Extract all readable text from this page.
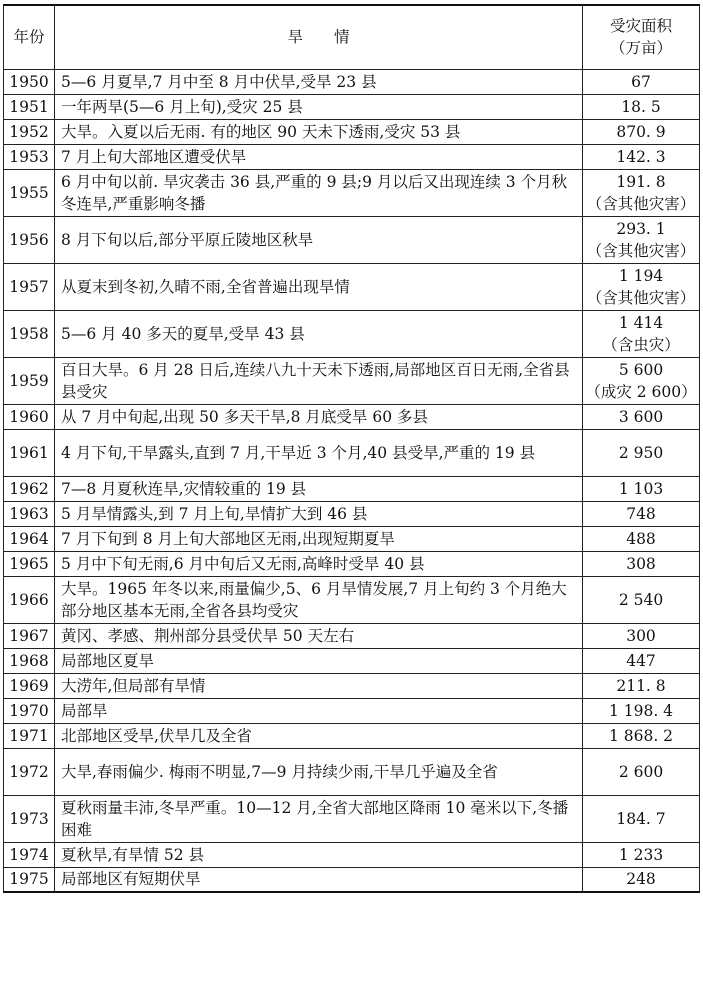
年份	旱　　情	受灾面积
（万亩）

1950	5—6 月夏旱,7 月中至 8 月中伏旱,受旱 23 县	67

1951	一年两旱(5—6 月上旬),受灾 25 县	18. 5

1952	大旱。入夏以后无雨. 有的地区 90 天未下透雨,受灾 53 县	870. 9

1953	7 月上旬大部地区遭受伏旱	142. 3

1955	6 月中旬以前. 旱灾袭击 36 县,严重的 9 县;9 月以后又出现连续 3 个月秋冬连旱,严重影响冬播	191. 8
（含其他灾害）

1956	8 月下旬以后,部分平原丘陵地区秋旱	293. 1
（含其他灾害）

1957	从夏末到冬初,久晴不雨,全省普遍出现旱情	1 194
（含其他灾害）

1958	5—6 月 40 多天的夏旱,受旱 43 县	1 414
（含虫灾）

1959	百日大旱。6 月 28 日后,连续八九十天未下透雨,局部地区百日无雨,全省县县受灾	5 600
（成灾 2 600）

1960	从 7 月中旬起,出现 50 多天干旱,8 月底受旱 60 多县	3 600

1961	4 月下旬,干旱露头,直到 7 月,干旱近 3 个月,40 县受旱,严重的 19 县	2 950

1962	7—8 月夏秋连旱,灾情较重的 19 县	1 103

1963	5 月旱情露头,到 7 月上旬,旱情扩大到 46 县	748

1964	7 月下旬到 8 月上旬大部地区无雨,出现短期夏旱	488

1965	5 月中下旬无雨,6 月中旬后又无雨,高峰时受旱 40 县	308

1966	大旱。1965 年冬以来,雨量偏少,5、6 月旱情发展,7 月上旬约 3 个月绝大部分地区基本无雨,全省各县均受灾	2 540

1967	黄冈、孝感、荆州部分县受伏旱 50 天左右	300

1968	局部地区夏旱	447

1969	大涝年,但局部有旱情	211. 8

1970	局部旱	1 198. 4

1971	北部地区受旱,伏旱几及全省	1 868. 2

1972	大旱,春雨偏少. 梅雨不明显,7—9 月持续少雨,干旱几乎遍及全省	2 600

1973	夏秋雨量丰沛,冬旱严重。10—12 月,全省大部地区降雨 10 毫米以下,冬播困难	184. 7

1974	夏秋旱,有旱情 52 县	1 233

1975	局部地区有短期伏旱	248
